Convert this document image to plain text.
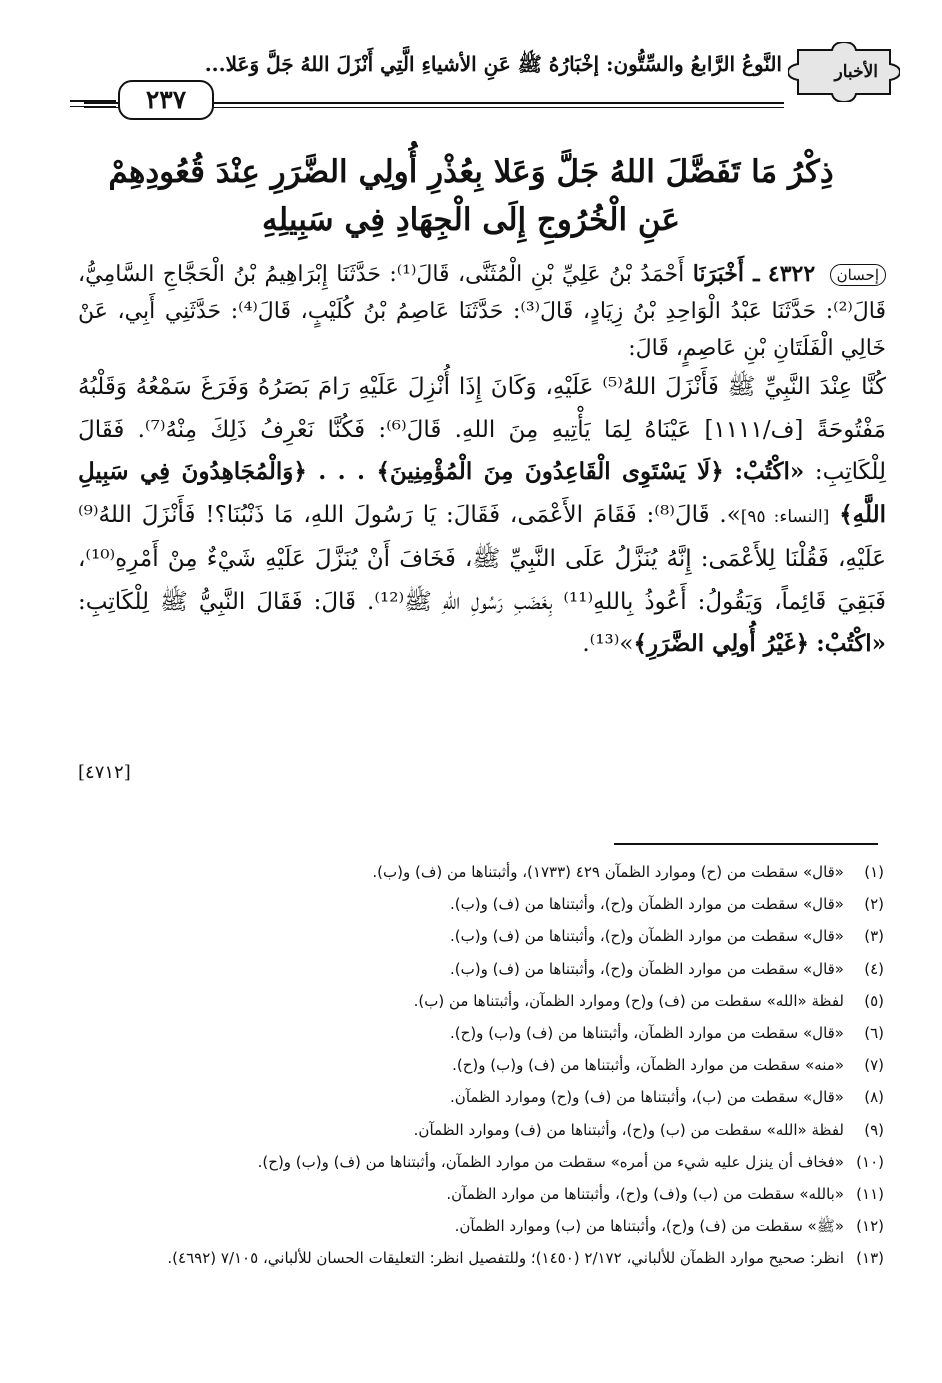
الأخبار
النَّوعُ الرَّابعُ والسِّتُّون: إخْبَارُهُ ﷺ عَنِ الأشياءِ الَّتِي أَنْزَلَ اللهُ جَلَّ وَعَلا...
٢٣٧
ذِكْرُ مَا تَفَضَّلَ اللهُ جَلَّ وَعَلا بِعُذْرِ أُولِي الضَّرَرِ عِنْدَ قُعُودِهِمْ
عَنِ الْخُرُوجِ إِلَى الْجِهَادِ فِي سَبِيلِهِ
إحسان ٤٣٢٢ ـ أَخْبَرَنَا أَحْمَدُ بْنُ عَلِيِّ بْنِ الْمُثَنَّى، قَالَ⁽¹⁾: حَدَّثَنَا إِبْرَاهِيمُ بْنُ الْحَجَّاجِ السَّامِيُّ، قَالَ⁽²⁾: حَدَّثَنَا عَبْدُ الْوَاحِدِ بْنُ زِيَادٍ، قَالَ⁽³⁾: حَدَّثَنَا عَاصِمُ بْنُ كُلَيْبٍ، قَالَ⁽⁴⁾: حَدَّثَنِي أَبِي، عَنْ خَالِي الْفَلَتَانِ بْنِ عَاصِمٍ، قَالَ:
كُنَّا عِنْدَ النَّبِيِّ ﷺ فَأَنْزَلَ اللهُ⁽⁵⁾ عَلَيْهِ، وَكَانَ إِذَا أُنْزِلَ عَلَيْهِ رَامَ بَصَرُهُ وَفَرَغَ سَمْعُهُ وَقَلْبُهُ مَفْتُوحَةً [ف/١١١١] عَيْنَاهُ لِمَا يَأْتِيهِ مِنَ اللهِ. قَالَ⁽⁶⁾: فَكُنَّا نَعْرِفُ ذَلِكَ مِنْهُ⁽⁷⁾. فَقَالَ لِلْكَاتِبِ: «اكْتُبْ: ﴿لَا يَسْتَوِى الْقَاعِدُونَ مِنَ الْمُؤْمِنِينَ﴾ . . . ﴿وَالْمُجَاهِدُونَ فِي سَبِيلِ اللَّهِ﴾ [النساء: ٩٥]». قَالَ⁽⁸⁾: فَقَامَ الأَعْمَى، فَقَالَ: يَا رَسُولَ اللهِ، مَا ذَنْبُنَا؟! فَأَنْزَلَ اللهُ⁽⁹⁾ عَلَيْهِ، فَقُلْنَا لِلأَعْمَى: إِنَّهُ يُنَزَّلُ عَلَى النَّبِيِّ ﷺ، فَخَافَ أَنْ يُنَزَّلَ عَلَيْهِ شَيْءٌ مِنْ أَمْرِهِ⁽¹⁰⁾، فَبَقِيَ قَائِماً، وَيَقُولُ: أَعُوذُ بِاللهِ⁽¹¹⁾ بِغَضَبِ رَسُولِ اللهِ ﷺ⁽¹²⁾. قَالَ: فَقَالَ النَّبِيُّ ﷺ لِلْكَاتِبِ: «اكْتُبْ: ﴿غَيْرُ أُولِي الضَّرَرِ﴾»⁽¹³⁾.
[٤٧١٢]
(١)«قال» سقطت من (ح) وموارد الظمآن ٤٢٩ (١٧٣٣)، وأثبتناها من (ف) و(ب).
(٢)«قال» سقطت من موارد الظمآن و(ح)، وأثبتناها من (ف) و(ب).
(٣)«قال» سقطت من موارد الظمآن و(ح)، وأثبتناها من (ف) و(ب).
(٤)«قال» سقطت من موارد الظمآن و(ح)، وأثبتناها من (ف) و(ب).
(٥)لفظة «الله» سقطت من (ف) و(ح) وموارد الظمآن، وأثبتناها من (ب).
(٦)«قال» سقطت من موارد الظمآن، وأثبتناها من (ف) و(ب) و(ح).
(٧)«منه» سقطت من موارد الظمآن، وأثبتناها من (ف) و(ب) و(ح).
(٨)«قال» سقطت من (ب)، وأثبتناها من (ف) و(ح) وموارد الظمآن.
(٩)لفظة «الله» سقطت من (ب) و(ح)، وأثبتناها من (ف) وموارد الظمآن.
(١٠)«فخاف أن ينزل عليه شيء من أمره» سقطت من موارد الظمآن، وأثبتناها من (ف) و(ب) و(ح).
(١١)«بالله» سقطت من (ب) و(ف) و(ح)، وأثبتناها من موارد الظمآن.
(١٢)«ﷺ» سقطت من (ف) و(ح)، وأثبتناها من (ب) وموارد الظمآن.
(١٣)انظر: صحيح موارد الظمآن للألباني، ٢/١٧٢ (١٤٥٠)؛ وللتفصيل انظر: التعليقات الحسان للألباني، ٧/١٠٥ (٤٦٩٢).
